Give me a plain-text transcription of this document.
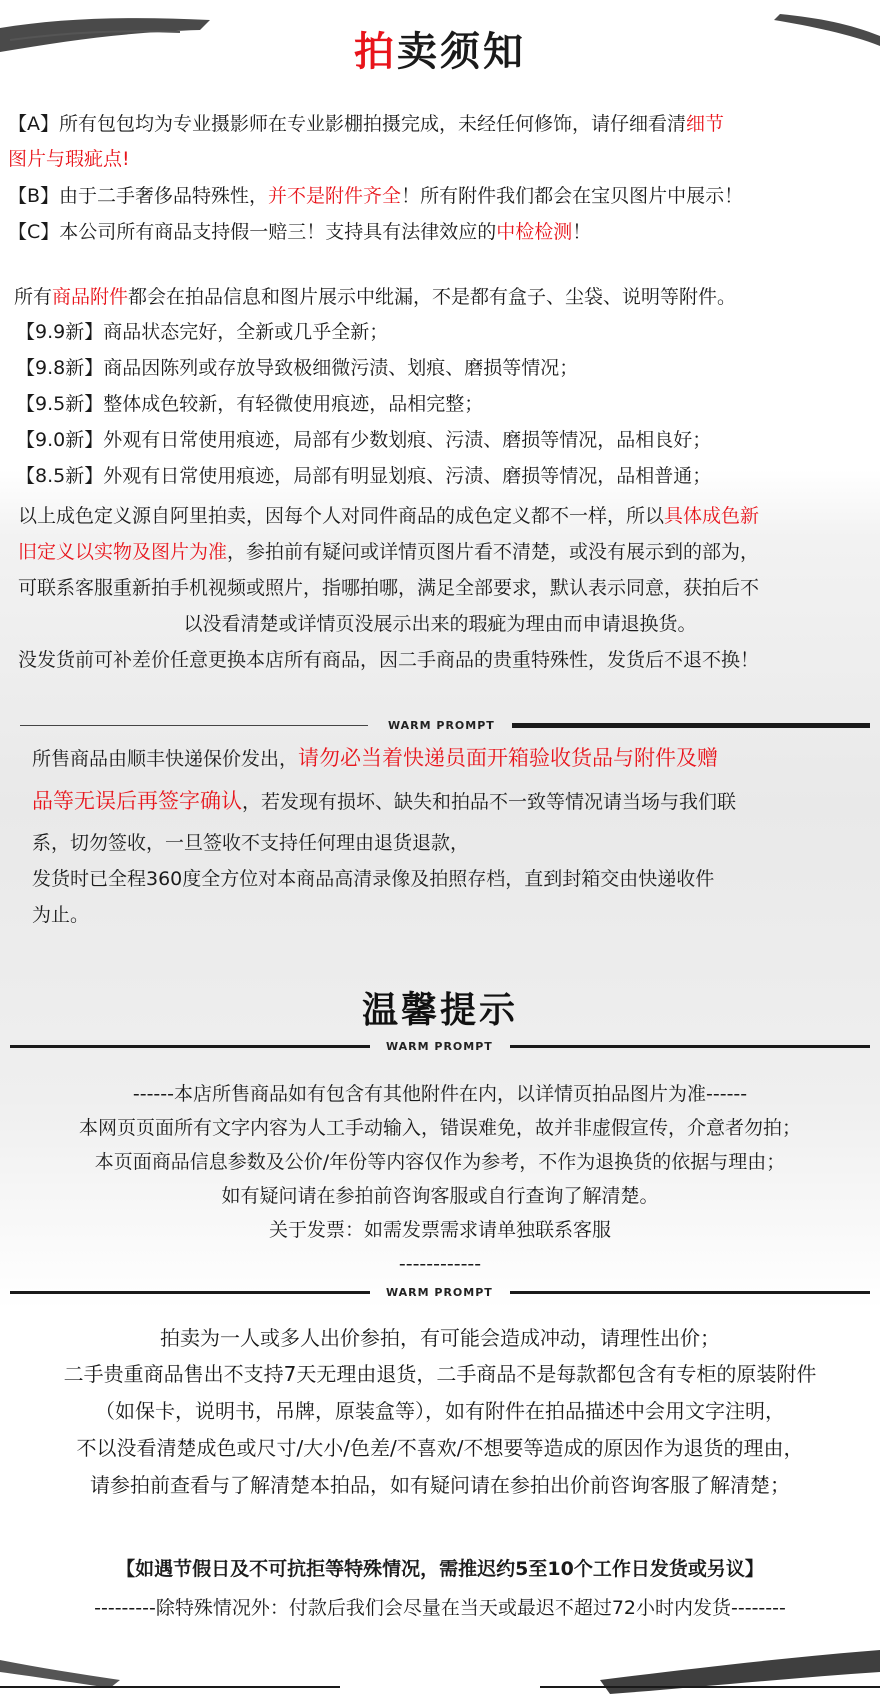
拍卖须知
【A】所有包包均为专业摄影师在专业影棚拍摄完成，未经任何修饰，请仔细看清细节
图片与瑕疵点!
【B】由于二手奢侈品特殊性，并不是附件齐全！所有附件我们都会在宝贝图片中展示！
【C】本公司所有商品支持假一赔三！支持具有法律效应的中检检测！
所有商品附件都会在拍品信息和图片展示中纰漏，不是都有盒子、尘袋、说明等附件。
【9.9新】商品状态完好，全新或几乎全新；
【9.8新】商品因陈列或存放导致极细微污渍、划痕、磨损等情况；
【9.5新】整体成色较新，有轻微使用痕迹，品相完整；
【9.0新】外观有日常使用痕迹，局部有少数划痕、污渍、磨损等情况，品相良好；
【8.5新】外观有日常使用痕迹，局部有明显划痕、污渍、磨损等情况，品相普通；
以上成色定义源自阿里拍卖，因每个人对同件商品的成色定义都不一样，所以具体成色新
旧定义以实物及图片为准，参拍前有疑问或详情页图片看不清楚，或没有展示到的部为，
可联系客服重新拍手机视频或照片，指哪拍哪，满足全部要求，默认表示同意，获拍后不
以没看清楚或详情页没展示出来的瑕疵为理由而申请退换货。
没发货前可补差价任意更换本店所有商品，因二手商品的贵重特殊性，发货后不退不换！
WARM PROMPT
所售商品由顺丰快递保价发出，请勿必当着快递员面开箱验收货品与附件及赠
品等无误后再签字确认，若发现有损坏、缺失和拍品不一致等情况请当场与我们联
系，切勿签收，一旦签收不支持任何理由退货退款，
发货时已全程360度全方位对本商品高清录像及拍照存档，直到封箱交由快递收件
为止。
温馨提示
WARM PROMPT
------本店所售商品如有包含有其他附件在内，以详情页拍品图片为准------
本网页页面所有文字内容为人工手动输入，错误难免，故并非虚假宣传，介意者勿拍；
本页面商品信息参数及公价/年份等内容仅作为参考，不作为退换货的依据与理由；
如有疑问请在参拍前咨询客服或自行查询了解清楚。
关于发票：如需发票需求请单独联系客服
------------
WARM PROMPT
拍卖为一人或多人出价参拍，有可能会造成冲动，请理性出价；
二手贵重商品售出不支持7天无理由退货，二手商品不是每款都包含有专柜的原装附件
（如保卡，说明书，吊牌，原装盒等），如有附件在拍品描述中会用文字注明，
不以没看清楚成色或尺寸/大小/色差/不喜欢/不想要等造成的原因作为退货的理由，
请参拍前查看与了解清楚本拍品，如有疑问请在参拍出价前咨询客服了解清楚；
【如遇节假日及不可抗拒等特殊情况，需推迟约5至10个工作日发货或另议】
---------除特殊情况外：付款后我们会尽量在当天或最迟不超过72小时内发货--------
